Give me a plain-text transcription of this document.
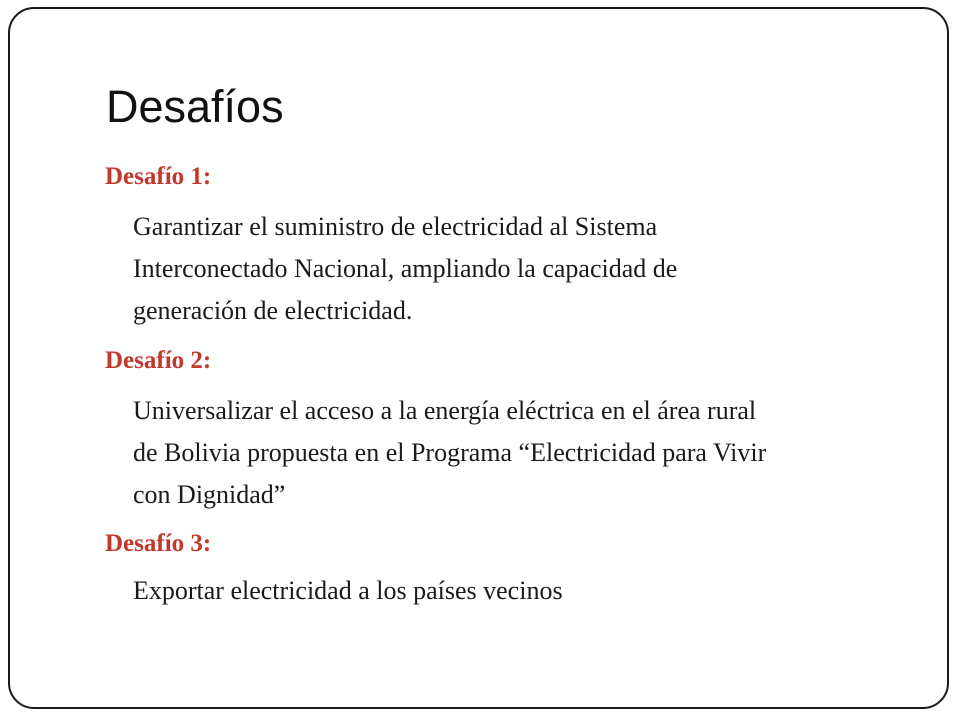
Desafíos

Desafío 1:

Garantizar el suministro de electricidad al Sistema
Interconectado Nacional, ampliando la capacidad de
generación de electricidad.

Desafío 2:

Universalizar el acceso a la energía eléctrica en el área rural
de Bolivia propuesta en el Programa “Electricidad para Vivir
con Dignidad”

Desafío 3:

Exportar electricidad a los países vecinos
